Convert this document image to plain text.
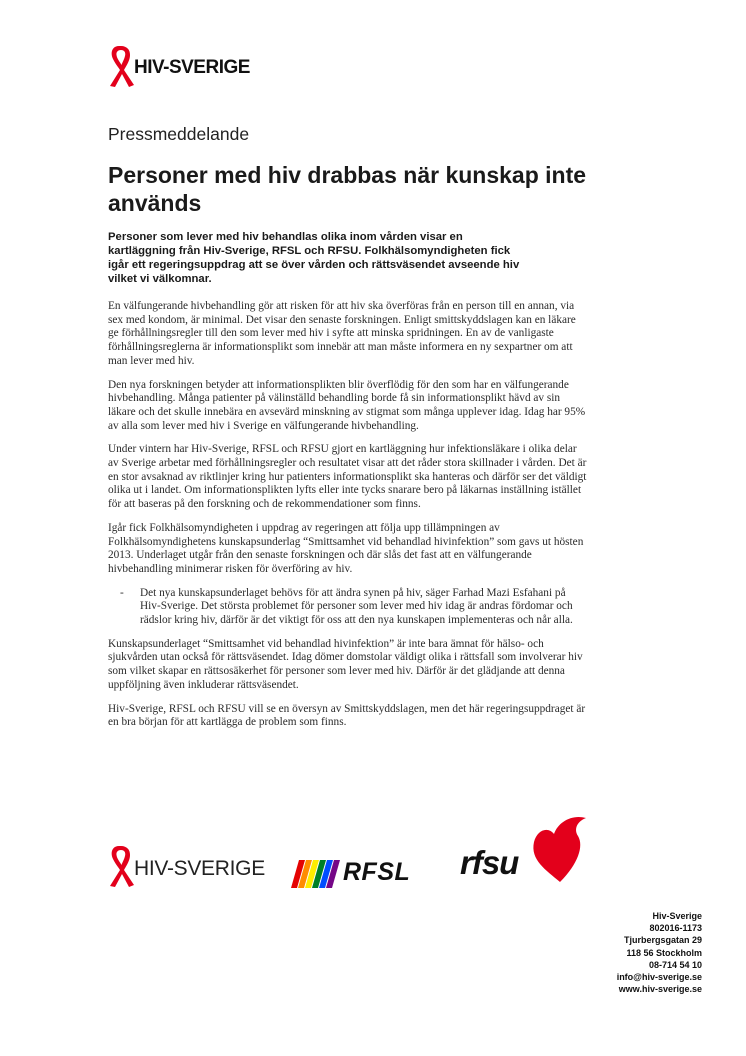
HIV-SVERIGE
Pressmeddelande
Personer med hiv drabbas när kunskap inte används

Personer som lever med hiv behandlas olika inom vården visar en kartläggning från Hiv-Sverige, RFSL och RFSU. Folkhälsomyndigheten fick igår ett regeringsuppdrag att se över vården och rättsväsendet avseende hiv vilket vi välkomnar.

En välfungerande hivbehandling gör att risken för att hiv ska överföras från en person till en annan, via sex med kondom, är minimal. Det visar den senaste forskningen. Enligt smittskyddslagen kan en läkare ge förhållningsregler till den som lever med hiv i syfte att minska spridningen. En av de vanligaste förhållningsreglerna är informationsplikt som innebär att man måste informera en ny sexpartner om att man lever med hiv.

Den nya forskningen betyder att informationsplikten blir överflödig för den som har en välfungerande hivbehandling. Många patienter på välinställd behandling borde få sin informationsplikt hävd av sin läkare och det skulle innebära en avsevärd minskning av stigmat som många upplever idag. Idag har 95% av alla som lever med hiv i Sverige en välfungerande hivbehandling.

Under vintern har Hiv-Sverige, RFSL och RFSU gjort en kartläggning hur infektionsläkare i olika delar av Sverige arbetar med förhållningsregler och resultatet visar att det råder stora skillnader i vården. Det är en stor avsaknad av riktlinjer kring hur patienters informationsplikt ska hanteras och därför ser det väldigt olika ut i landet. Om informationsplikten lyfts eller inte tycks snarare bero på läkarnas inställning istället för att baseras på den forskning och de rekommendationer som finns.

Igår fick Folkhälsomyndigheten i uppdrag av regeringen att följa upp tillämpningen av Folkhälsomyndighetens kunskapsunderlag “Smittsamhet vid behandlad hivinfektion” som gavs ut hösten 2013. Underlaget utgår från den senaste forskningen och där slås det fast att en välfungerande hivbehandling minimerar risken för överföring av hiv.

- Det nya kunskapsunderlaget behövs för att ändra synen på hiv, säger Farhad Mazi Esfahani på Hiv-Sverige. Det största problemet för personer som lever med hiv idag är andras fördomar och rädslor kring hiv, därför är det viktigt för oss att den nya kunskapen implementeras och når alla.

Kunskapsunderlaget “Smittsamhet vid behandlad hivinfektion” är inte bara ämnat för hälso- och sjukvården utan också för rättsväsendet. Idag dömer domstolar väldigt olika i rättsfall som involverar hiv som vilket skapar en rättsosäkerhet för personer som lever med hiv. Därför är det glädjande att denna uppföljning även inkluderar rättsväsendet.

Hiv-Sverige, RFSL och RFSU vill se en översyn av Smittskyddslagen, men det här regeringsuppdraget är en bra början för att kartlägga de problem som finns.

HIV-SVERIGE	RFSL rfsu
Hiv-Sverige
802016-1173
Tjurbergsgatan 29
118 56 Stockholm
08-714 54 10
info@hiv-sverige.se
www.hiv-sverige.se
